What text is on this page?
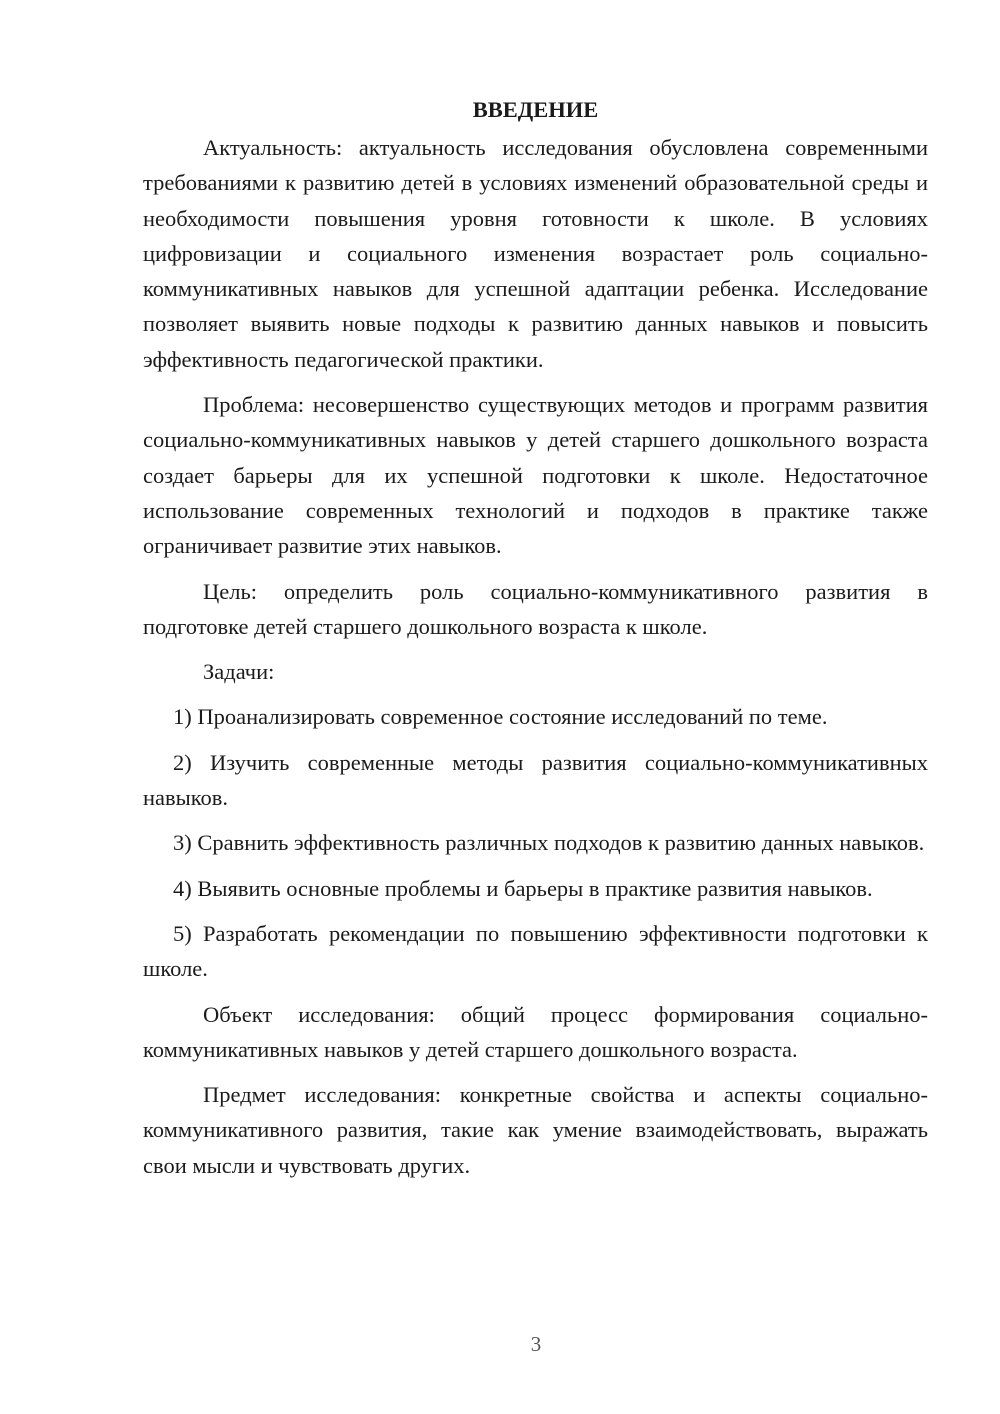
ВВЕДЕНИЕ

Актуальность: актуальность исследования обусловлена современными требованиями к развитию детей в условиях изменений образовательной среды и необходимости повышения уровня готовности к школе. В условиях цифровизации и социального изменения возрастает роль социально-коммуникативных навыков для успешной адаптации ребенка. Исследование позволяет выявить новые подходы к развитию данных навыков и повысить эффективность педагогической практики.

Проблема: несовершенство существующих методов и программ развития социально-коммуникативных навыков у детей старшего дошкольного возраста создает барьеры для их успешной подготовки к школе. Недостаточное использование современных технологий и подходов в практике также ограничивает развитие этих навыков.

Цель: определить роль социально-коммуникативного развития в подготовке детей старшего дошкольного возраста к школе.

Задачи:

1) Проанализировать современное состояние исследований по теме.

2) Изучить современные методы развития социально-коммуникативных навыков.

3) Сравнить эффективность различных подходов к развитию данных навыков.

4) Выявить основные проблемы и барьеры в практике развития навыков.

5) Разработать рекомендации по повышению эффективности подготовки к школе.

Объект исследования: общий процесс формирования социально-коммуникативных навыков у детей старшего дошкольного возраста.

Предмет исследования: конкретные свойства и аспекты социально-коммуникативного развития, такие как умение взаимодействовать, выражать свои мысли и чувствовать других.

3
